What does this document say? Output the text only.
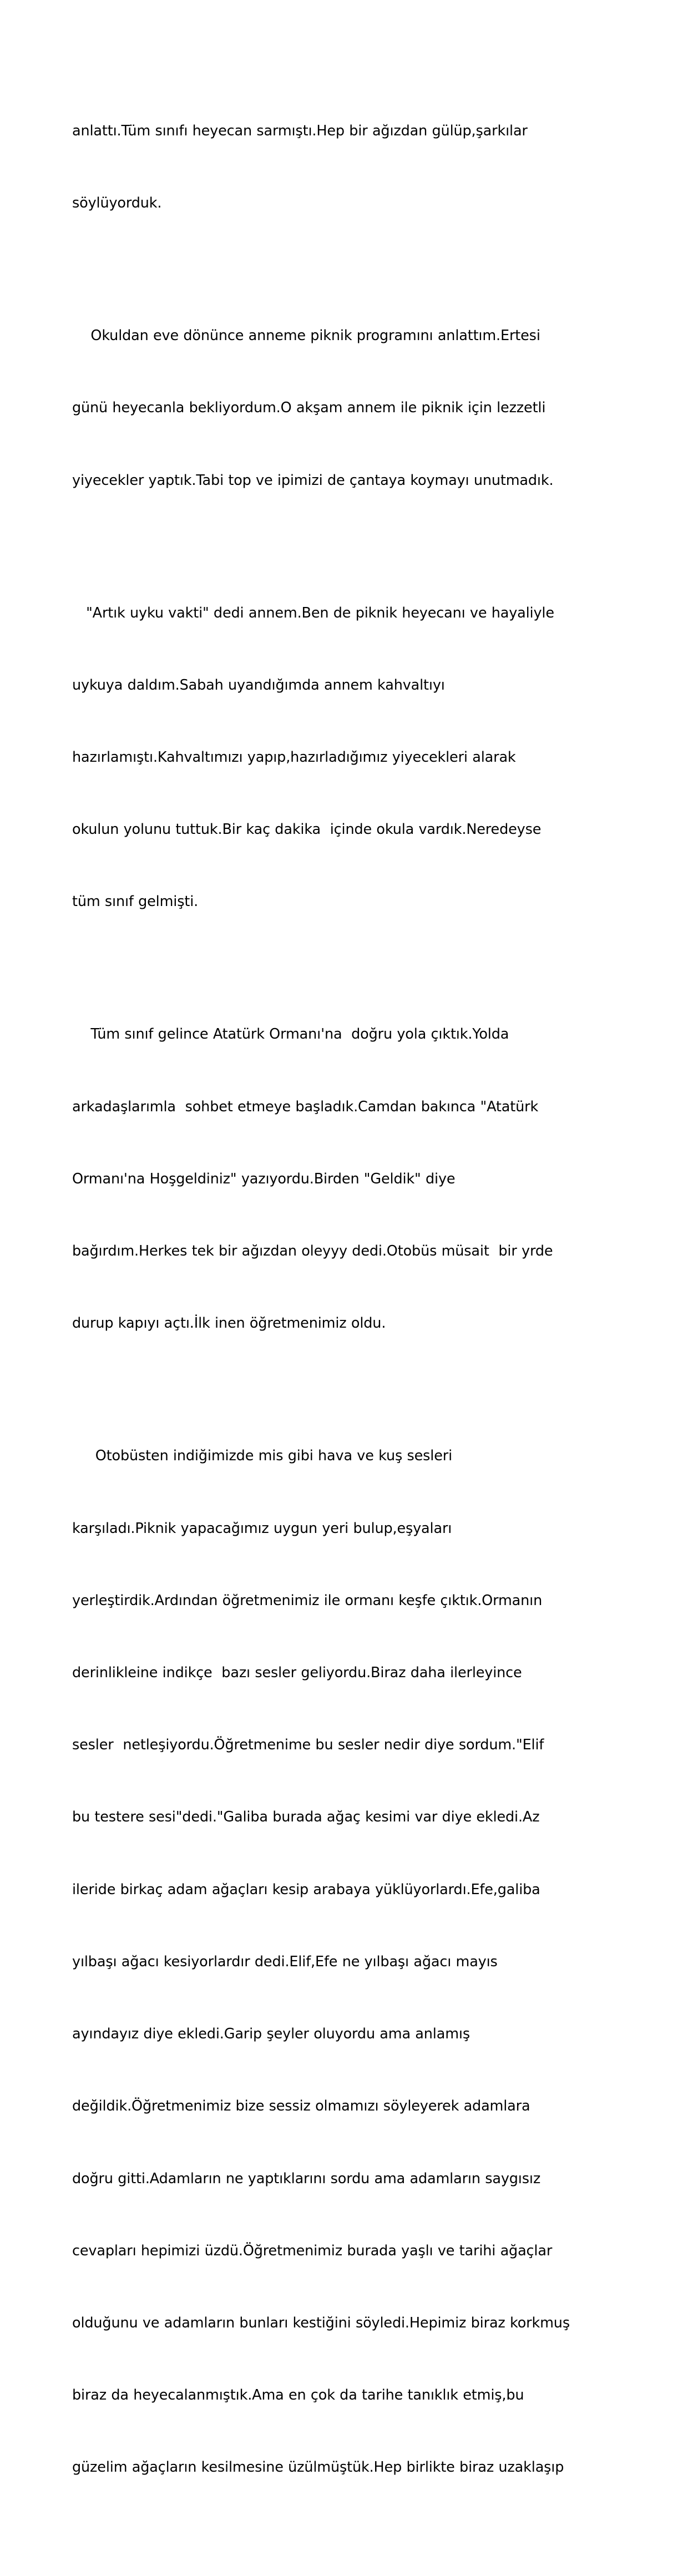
anlattı.Tüm sınıfı heyecan sarmıştı.Hep bir ağızdan gülüp,şarkılar

söylüyorduk.

Okuldan eve dönünce anneme piknik programını anlattım.Ertesi

günü heyecanla bekliyordum.O akşam annem ile piknik için lezzetli

yiyecekler yaptık.Tabi top ve ipimizi de çantaya koymayı unutmadık.

"Artık uyku vakti" dedi annem.Ben de piknik heyecanı ve hayaliyle

uykuya daldım.Sabah uyandığımda annem kahvaltıyı

hazırlamıştı.Kahvaltımızı yapıp,hazırladığımız yiyecekleri alarak

okulun yolunu tuttuk.Bir kaç dakika  içinde okula vardık.Neredeyse

tüm sınıf gelmişti.

Tüm sınıf gelince Atatürk Ormanı'na  doğru yola çıktık.Yolda

arkadaşlarımla  sohbet etmeye başladık.Camdan bakınca "Atatürk

Ormanı'na Hoşgeldiniz" yazıyordu.Birden "Geldik" diye

bağırdım.Herkes tek bir ağızdan oleyyy dedi.Otobüs müsait  bir yrde

durup kapıyı açtı.İlk inen öğretmenimiz oldu.

Otobüsten indiğimizde mis gibi hava ve kuş sesleri

karşıladı.Piknik yapacağımız uygun yeri bulup,eşyaları

yerleştirdik.Ardından öğretmenimiz ile ormanı keşfe çıktık.Ormanın

derinlikleine indikçe  bazı sesler geliyordu.Biraz daha ilerleyince

sesler  netleşiyordu.Öğretmenime bu sesler nedir diye sordum."Elif

bu testere sesi"dedi."Galiba burada ağaç kesimi var diye ekledi.Az

ileride birkaç adam ağaçları kesip arabaya yüklüyorlardı.Efe,galiba

yılbaşı ağacı kesiyorlardır dedi.Elif,Efe ne yılbaşı ağacı mayıs

ayındayız diye ekledi.Garip şeyler oluyordu ama anlamış

değildik.Öğretmenimiz bize sessiz olmamızı söyleyerek adamlara

doğru gitti.Adamların ne yaptıklarını sordu ama adamların saygısız

cevapları hepimizi üzdü.Öğretmenimiz burada yaşlı ve tarihi ağaçlar

olduğunu ve adamların bunları kestiğini söyledi.Hepimiz biraz korkmuş

biraz da heyecalanmıştık.Ama en çok da tarihe tanıklık etmiş,bu

güzelim ağaçların kesilmesine üzülmüştük.Hep birlikte biraz uzaklaşıp
